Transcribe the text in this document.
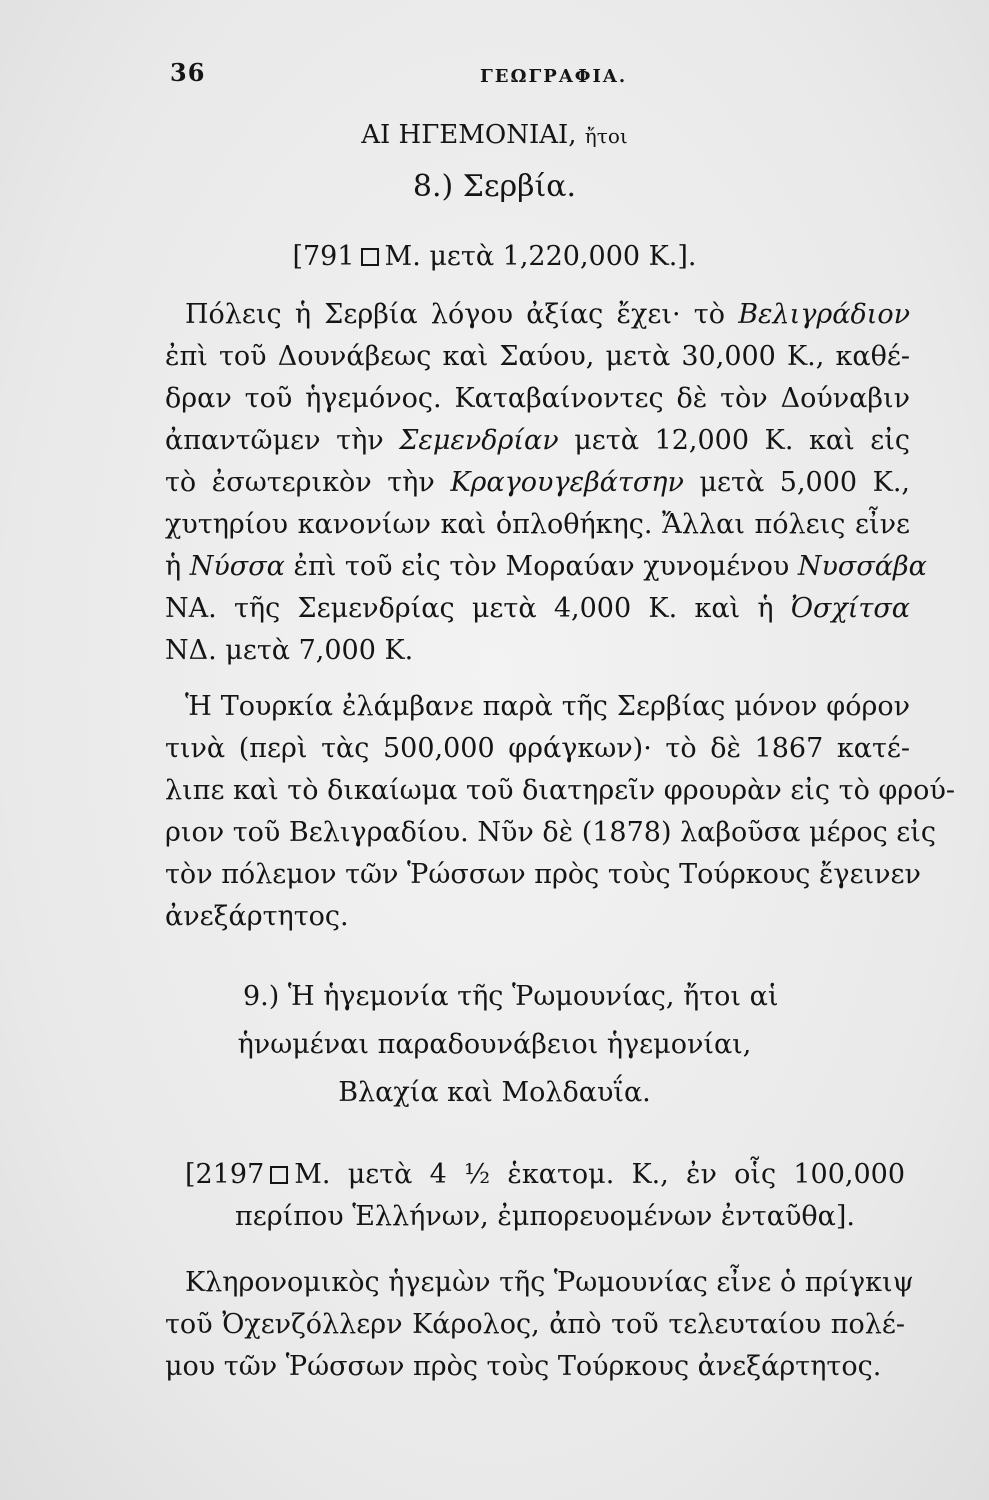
36	ΓΕΩΓΡΑΦΙΑ.
ΑΙ ΗΓΕΜΟΝΙΑΙ, ἤτοι
8.) Σερβία.
[791 Μ. μετὰ 1,220,000 Κ.].
Πόλεις ἡ Σερβία λόγου ἀξίας ἔχει· τὸ Βελιγράδιον
ἐπὶ τοῦ Δουνάβεως καὶ Σαύου, μετὰ 30,000 Κ., καθέ-
δραν τοῦ ἡγεμόνος. Καταβαίνοντες δὲ τὸν Δούναβιν
ἀπαντῶμεν τὴν Σεμενδρίαν μετὰ 12,000 Κ. καὶ εἰς
τὸ ἐσωτερικὸν τὴν Κραγουγεβάτσην μετὰ 5,000 Κ.,
χυτηρίου κανονίων καὶ ὁπλοθήκης. Ἄλλαι πόλεις εἶνε
ἡ Νύσσα ἐπὶ τοῦ εἰς τὸν Μοραύαν χυνομένου Νυσσάβα
ΝΑ. τῆς Σεμενδρίας μετὰ 4,000 Κ. καὶ ἡ Ὀσχίτσα
ΝΔ. μετὰ 7,000 Κ.
Ἡ Τουρκία ἐλάμβανε παρὰ τῆς Σερβίας μόνον φόρον
τινὰ (περὶ τὰς 500,000 φράγκων)· τὸ δὲ 1867 κατέ-
λιπε καὶ τὸ δικαίωμα τοῦ διατηρεῖν φρουρὰν εἰς τὸ φρού-
ριον τοῦ Βελιγραδίου. Νῦν δὲ (1878) λαβοῦσα μέρος εἰς
τὸν πόλεμον τῶν Ῥώσσων πρὸς τοὺς Τούρκους ἔγεινεν
ἀνεξάρτητος.
9.) Ἡ ἡγεμονία τῆς Ῥωμουνίας, ἤτοι αἱ
ἡνωμέναι παραδουνάβειοι ἡγεμονίαι,
Βλαχία καὶ Μολδαυΐα.
[2197 Μ. μετὰ 4 ½ ἑκατομ. Κ., ἐν οἷς 100,000
περίπου Ἑλλήνων, ἐμπορευομένων ἐνταῦθα].
Κληρονομικὸς ἡγεμὼν τῆς Ῥωμουνίας εἶνε ὁ πρίγκιψ
τοῦ Ὀχενζόλλερν Κάρολος, ἀπὸ τοῦ τελευταίου πολέ-
μου τῶν Ῥώσσων πρὸς τοὺς Τούρκους ἀνεξάρτητος.
